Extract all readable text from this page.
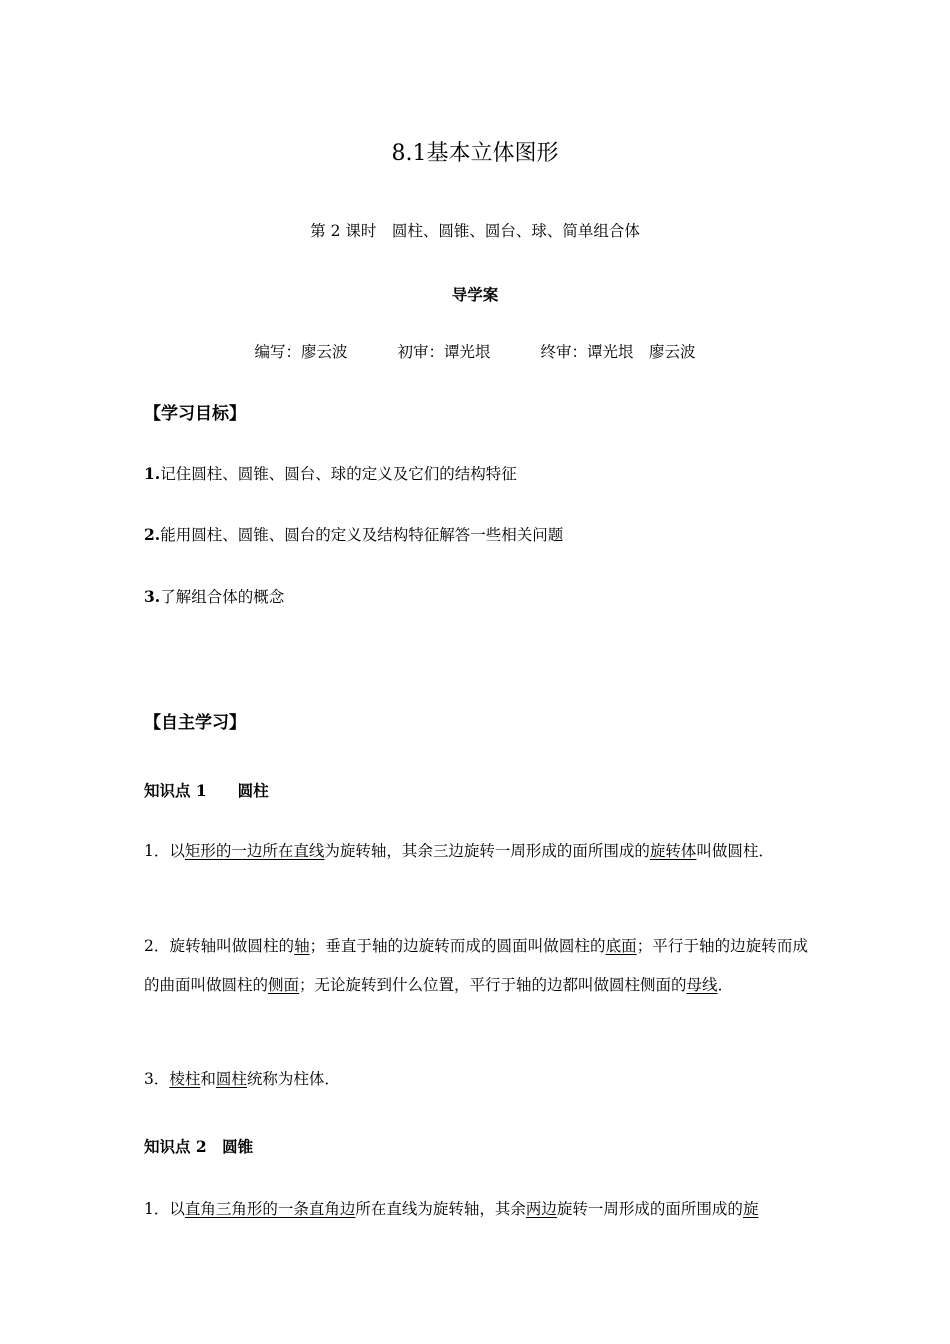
8.1基本立体图形
第 2 课时　圆柱、圆锥、圆台、球、简单组合体
导学案
编写：廖云波	初审：谭光垠	终审：谭光垠　廖云波
【学习目标】
1.记住圆柱、圆锥、圆台、球的定义及它们的结构特征
2.能用圆柱、圆锥、圆台的定义及结构特征解答一些相关问题
3.了解组合体的概念
【自主学习】
知识点 1　　圆柱
1．以矩形的一边所在直线为旋转轴，其余三边旋转一周形成的面所围成的旋转体叫做圆柱．
2．旋转轴叫做圆柱的轴；垂直于轴的边旋转而成的圆面叫做圆柱的底面；平行于轴的边旋转而成的曲面叫做圆柱的侧面；无论旋转到什么位置，平行于轴的边都叫做圆柱侧面的母线．
3．棱柱和圆柱统称为柱体．
知识点 2　圆锥
1．以直角三角形的一条直角边所在直线为旋转轴，其余两边旋转一周形成的面所围成的旋
